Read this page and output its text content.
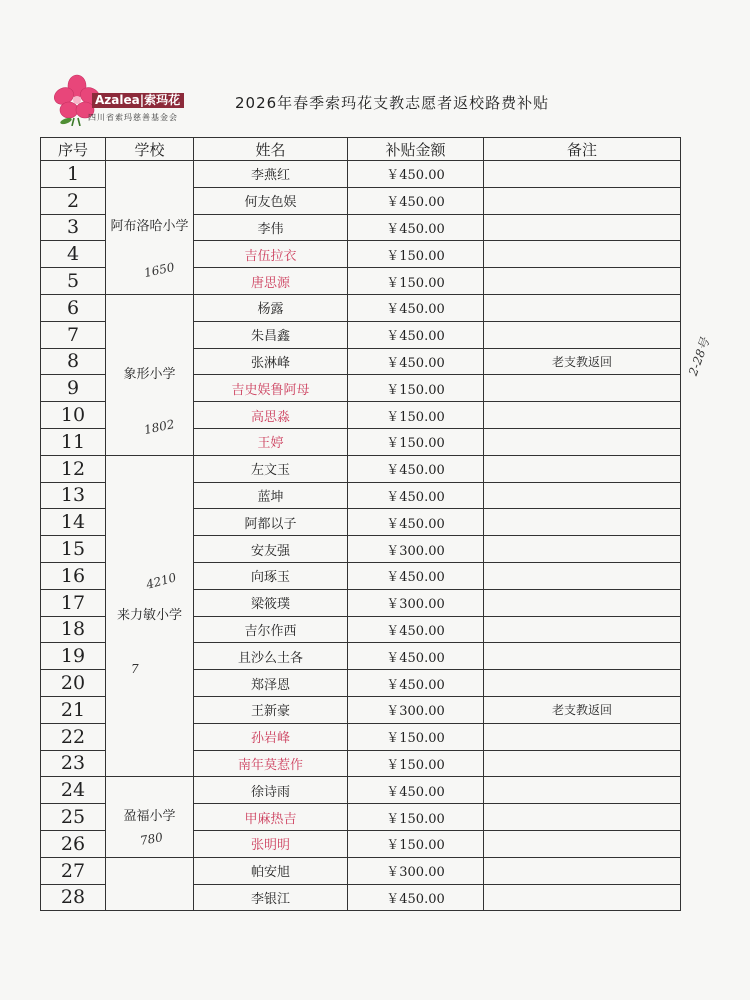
Azalea|索玛花
四川省索玛慈善基金会
2026年春季索玛花支教志愿者返校路费补贴
序号	学校	姓名	补贴金额	备注
1	阿布洛哈小学	李燕红	￥450.00	
2		何友色娱	￥450.00	
3		李伟	￥450.00	
4		吉伍拉衣	￥150.00	
5		唐思源	￥150.00	
6	象形小学	杨露	￥450.00	
7		朱昌鑫	￥450.00	
8		张淋峰	￥450.00	老支教返回
9		吉史娱鲁阿母	￥150.00	
10		高思淼	￥150.00	
11		王婷	￥150.00	
12	来力敏小学	左文玉	￥450.00	
13		蓝坤	￥450.00	
14		阿都以子	￥450.00	
15		安友强	￥300.00	
16		向琢玉	￥450.00	
17		梁筱璞	￥300.00	
18		吉尔作西	￥450.00	
19		且沙么土各	￥450.00	
20		郑泽恩	￥450.00	
21		王新豪	￥300.00	老支教返回
22		孙岩峰	￥150.00	
23		南年莫惹作	￥150.00	
24	盈福小学	徐诗雨	￥450.00	
25		甲麻热吉	￥150.00	
26		张明明	￥150.00	
27		帕安旭	￥300.00	
28		李银江	￥450.00	
1650
1802
4210
7
780
2-28号
